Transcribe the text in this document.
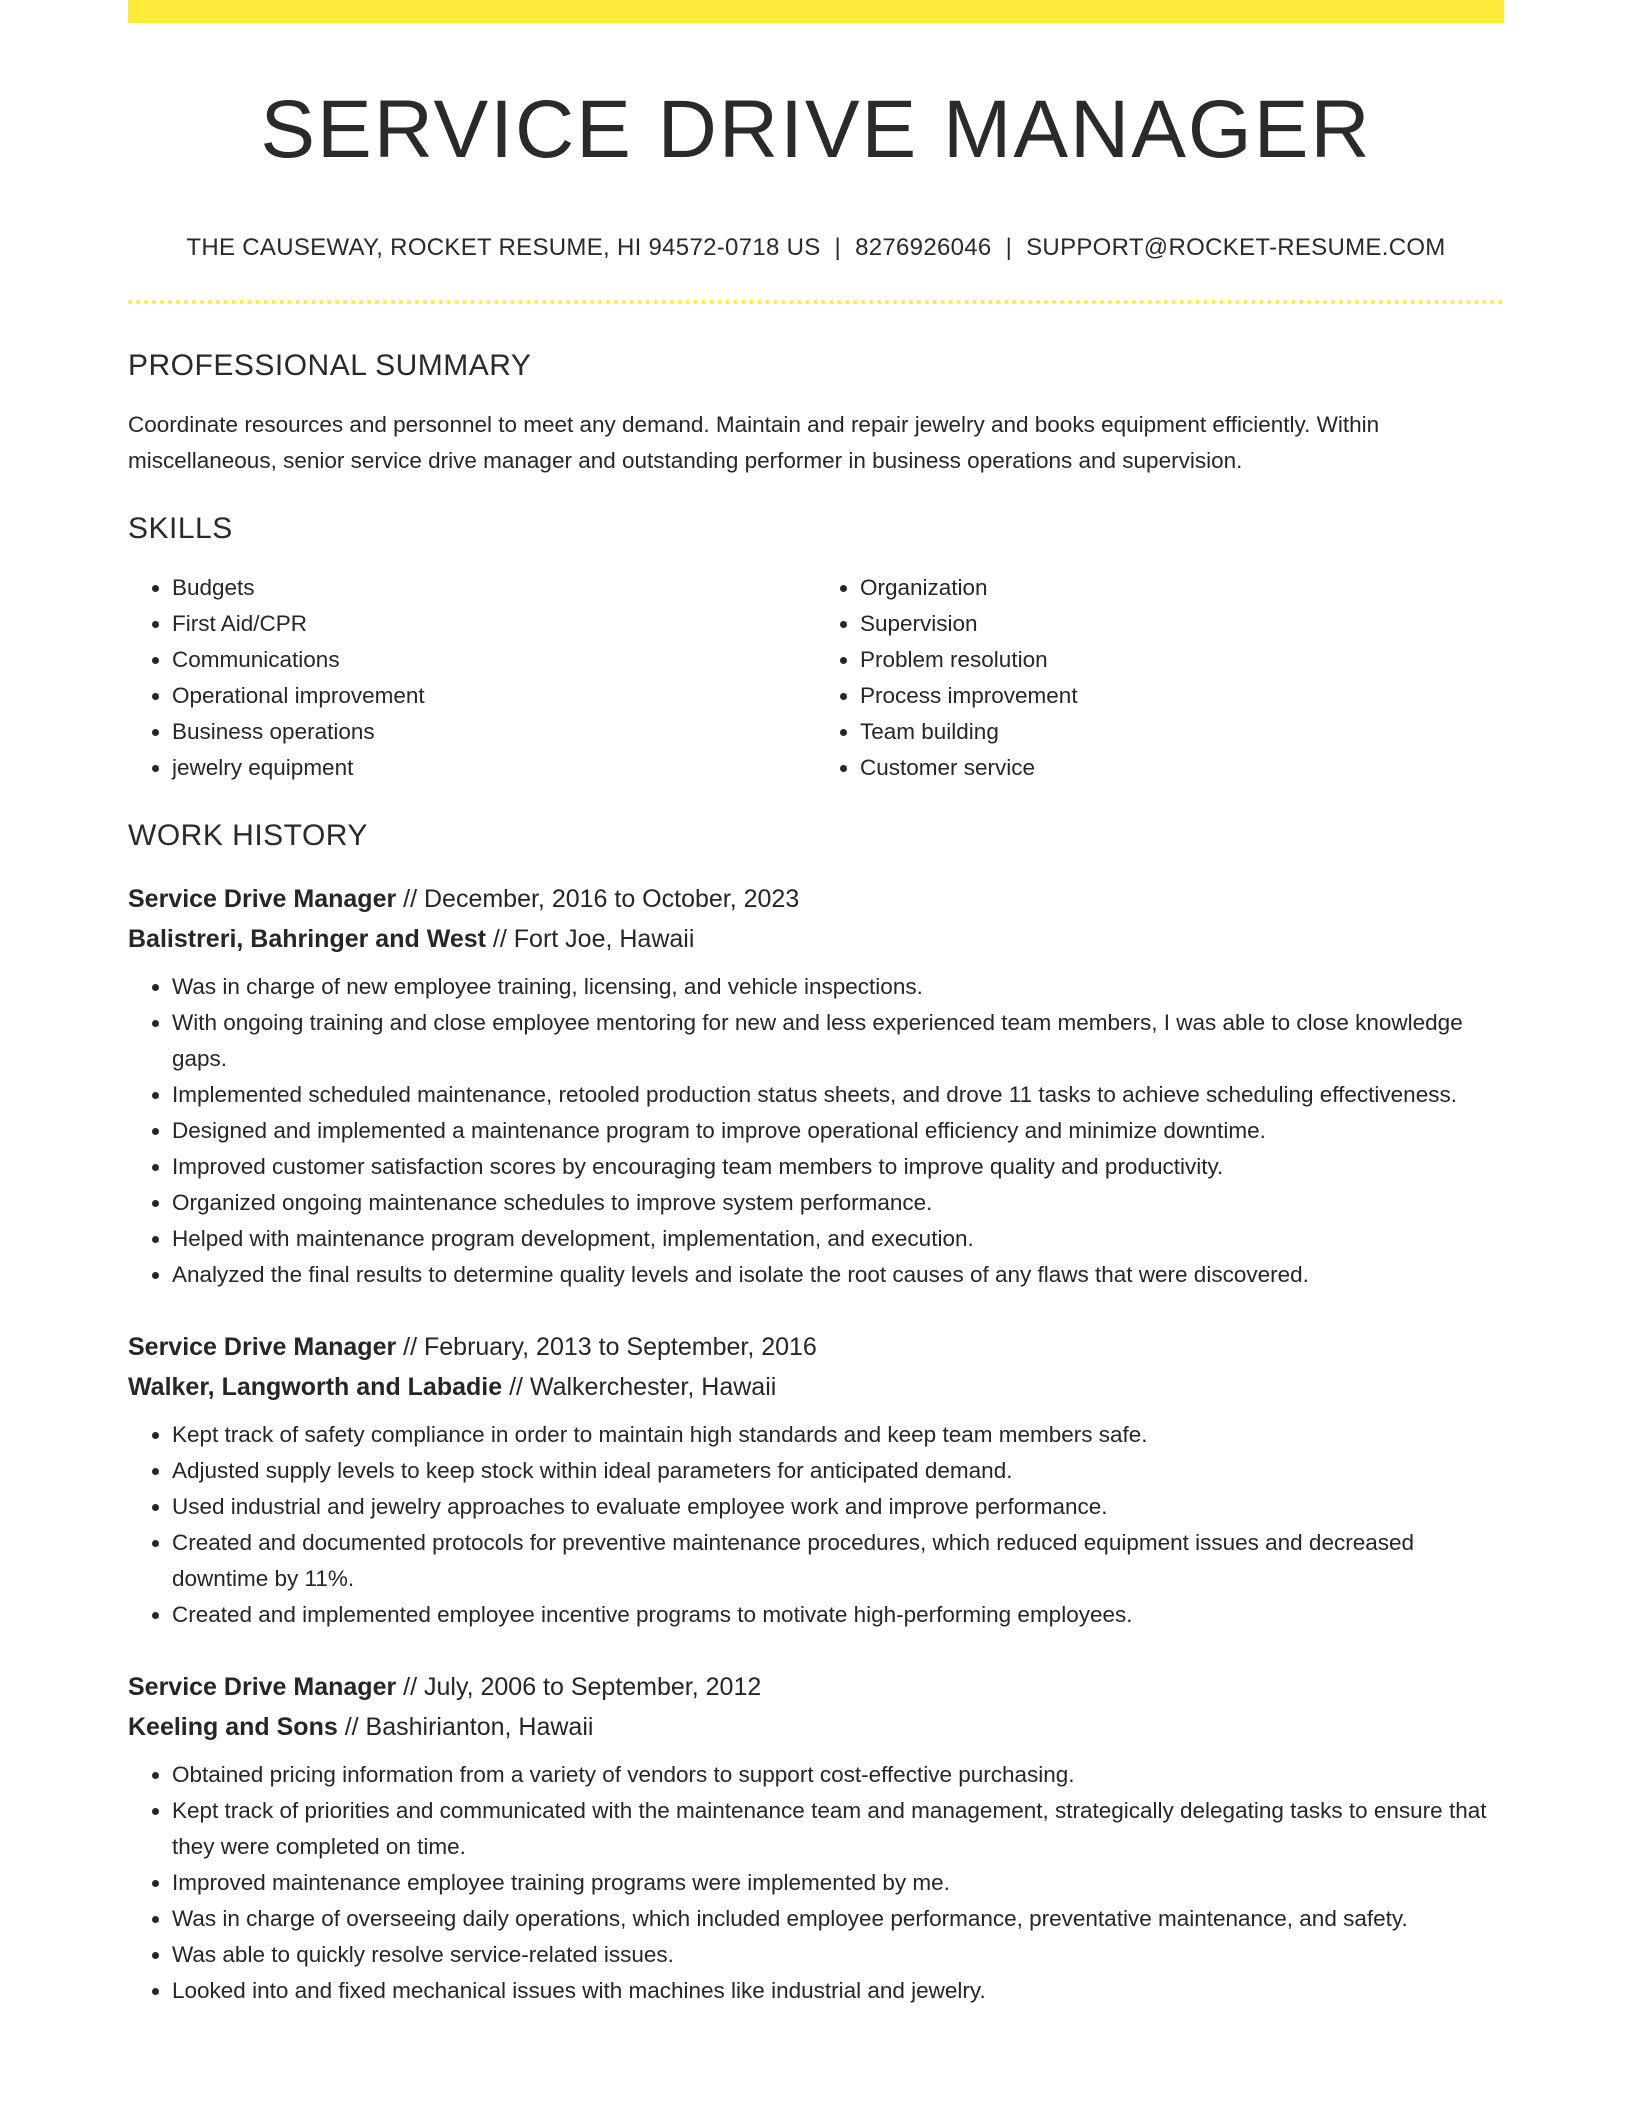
SERVICE DRIVE MANAGER
THE CAUSEWAY, ROCKET RESUME, HI 94572-0718 US | 8276926046 | SUPPORT@ROCKET-RESUME.COM
PROFESSIONAL SUMMARY
Coordinate resources and personnel to meet any demand. Maintain and repair jewelry and books equipment efficiently. Within miscellaneous, senior service drive manager and outstanding performer in business operations and supervision.
SKILLS
• Budgets
• First Aid/CPR
• Communications
• Operational improvement
• Business operations
• jewelry equipment
• Organization
• Supervision
• Problem resolution
• Process improvement
• Team building
• Customer service
WORK HISTORY
Service Drive Manager // December, 2016 to October, 2023
Balistreri, Bahringer and West // Fort Joe, Hawaii
• Was in charge of new employee training, licensing, and vehicle inspections.
• With ongoing training and close employee mentoring for new and less experienced team members, I was able to close knowledge gaps.
• Implemented scheduled maintenance, retooled production status sheets, and drove 11 tasks to achieve scheduling effectiveness.
• Designed and implemented a maintenance program to improve operational efficiency and minimize downtime.
• Improved customer satisfaction scores by encouraging team members to improve quality and productivity.
• Organized ongoing maintenance schedules to improve system performance.
• Helped with maintenance program development, implementation, and execution.
• Analyzed the final results to determine quality levels and isolate the root causes of any flaws that were discovered.
Service Drive Manager // February, 2013 to September, 2016
Walker, Langworth and Labadie // Walkerchester, Hawaii
• Kept track of safety compliance in order to maintain high standards and keep team members safe.
• Adjusted supply levels to keep stock within ideal parameters for anticipated demand.
• Used industrial and jewelry approaches to evaluate employee work and improve performance.
• Created and documented protocols for preventive maintenance procedures, which reduced equipment issues and decreased downtime by 11%.
• Created and implemented employee incentive programs to motivate high-performing employees.
Service Drive Manager // July, 2006 to September, 2012
Keeling and Sons // Bashirianton, Hawaii
• Obtained pricing information from a variety of vendors to support cost-effective purchasing.
• Kept track of priorities and communicated with the maintenance team and management, strategically delegating tasks to ensure that they were completed on time.
• Improved maintenance employee training programs were implemented by me.
• Was in charge of overseeing daily operations, which included employee performance, preventative maintenance, and safety.
• Was able to quickly resolve service-related issues.
• Looked into and fixed mechanical issues with machines like industrial and jewelry.
